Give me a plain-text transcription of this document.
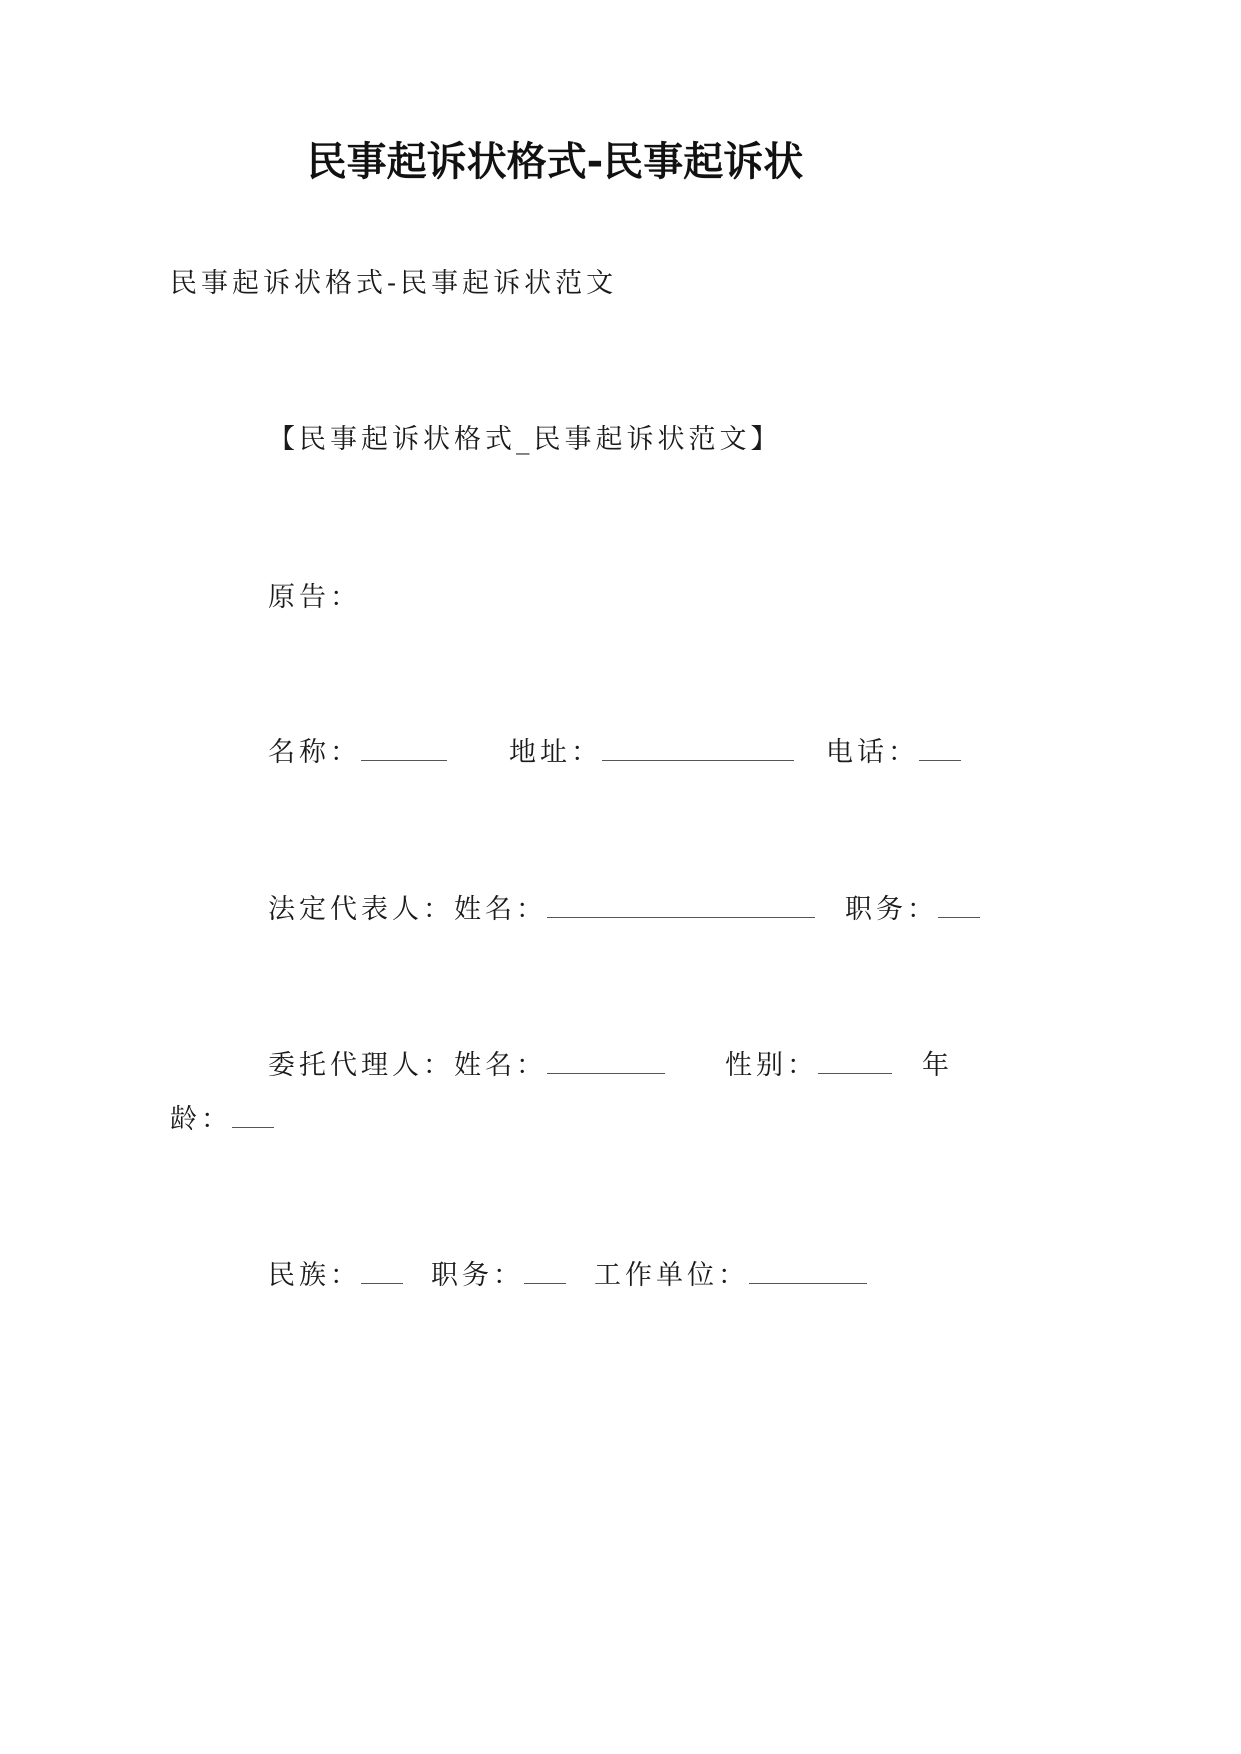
民事起诉状格式-民事起诉状
民事起诉状格式-民事起诉状范文
【民事起诉状格式_民事起诉状范文】
原告：
名称：	地址：	电话：
法定代表人：姓名：	职务：
委托代理人：姓名：	性别：	年
龄：
民族：	职务：	工作单位：
